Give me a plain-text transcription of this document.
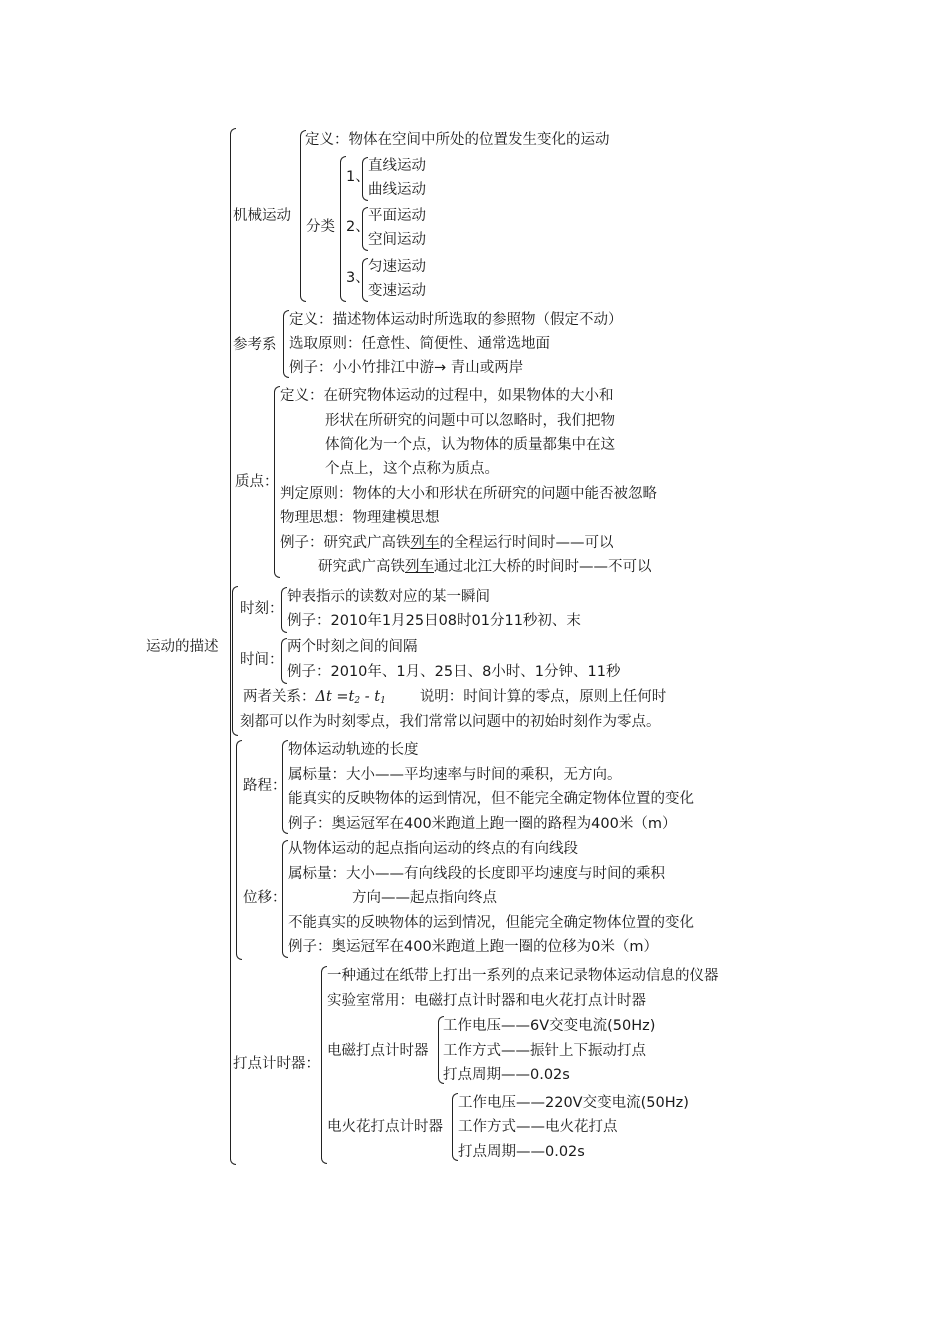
运动的描述
机械运动
定义：物体在空间中所处的位置发生变化的运动
分类
1、
直线运动
曲线运动
2、
平面运动
空间运动
3、
匀速运动
变速运动
参考系
定义：描述物体运动时所选取的参照物（假定不动）
选取原则：任意性、简便性、通常选地面
例子：小小竹排江中游→ 青山或两岸
质点：
定义：在研究物体运动的过程中，如果物体的大小和
形状在所研究的问题中可以忽略时，我们把物
体简化为一个点，认为物体的质量都集中在这
个点上，这个点称为质点。
判定原则：物体的大小和形状在所研究的问题中能否被忽略
物理思想：物理建模思想
例子：研究武广高铁列车的全程运行时间时——可以
研究武广高铁列车通过北江大桥的时间时——不可以
时刻：
钟表指示的读数对应的某一瞬间
例子：2010年1月25日08时01分11秒初、末
时间：
两个时刻之间的间隔
例子：2010年、1月、25日、8小时、1分钟、11秒
两者关系：$\Delta t =t_2 - t_1$ 说明：时间计算的零点，原则上任何时
刻都可以作为时刻零点，我们常常以问题中的初始时刻作为零点。
路程：
物体运动轨迹的长度
属标量：大小——平均速率与时间的乘积，无方向。
能真实的反映物体的运到情况，但不能完全确定物体位置的变化
例子：奥运冠军在400米跑道上跑一圈的路程为400米（m）
位移：
从物体运动的起点指向运动的终点的有向线段
属标量：大小——有向线段的长度即平均速度与时间的乘积
方向——起点指向终点
不能真实的反映物体的运到情况，但能完全确定物体位置的变化
例子：奥运冠军在400米跑道上跑一圈的位移为0米（m）
打点计时器：
一种通过在纸带上打出一系列的点来记录物体运动信息的仪器
实验室常用：电磁打点计时器和电火花打点计时器
电磁打点计时器
工作电压——6V交变电流(50Hz)
工作方式——振针上下振动打点
打点周期——0.02s
电火花打点计时器
工作电压——220V交变电流(50Hz)
工作方式——电火花打点
打点周期——0.02s
